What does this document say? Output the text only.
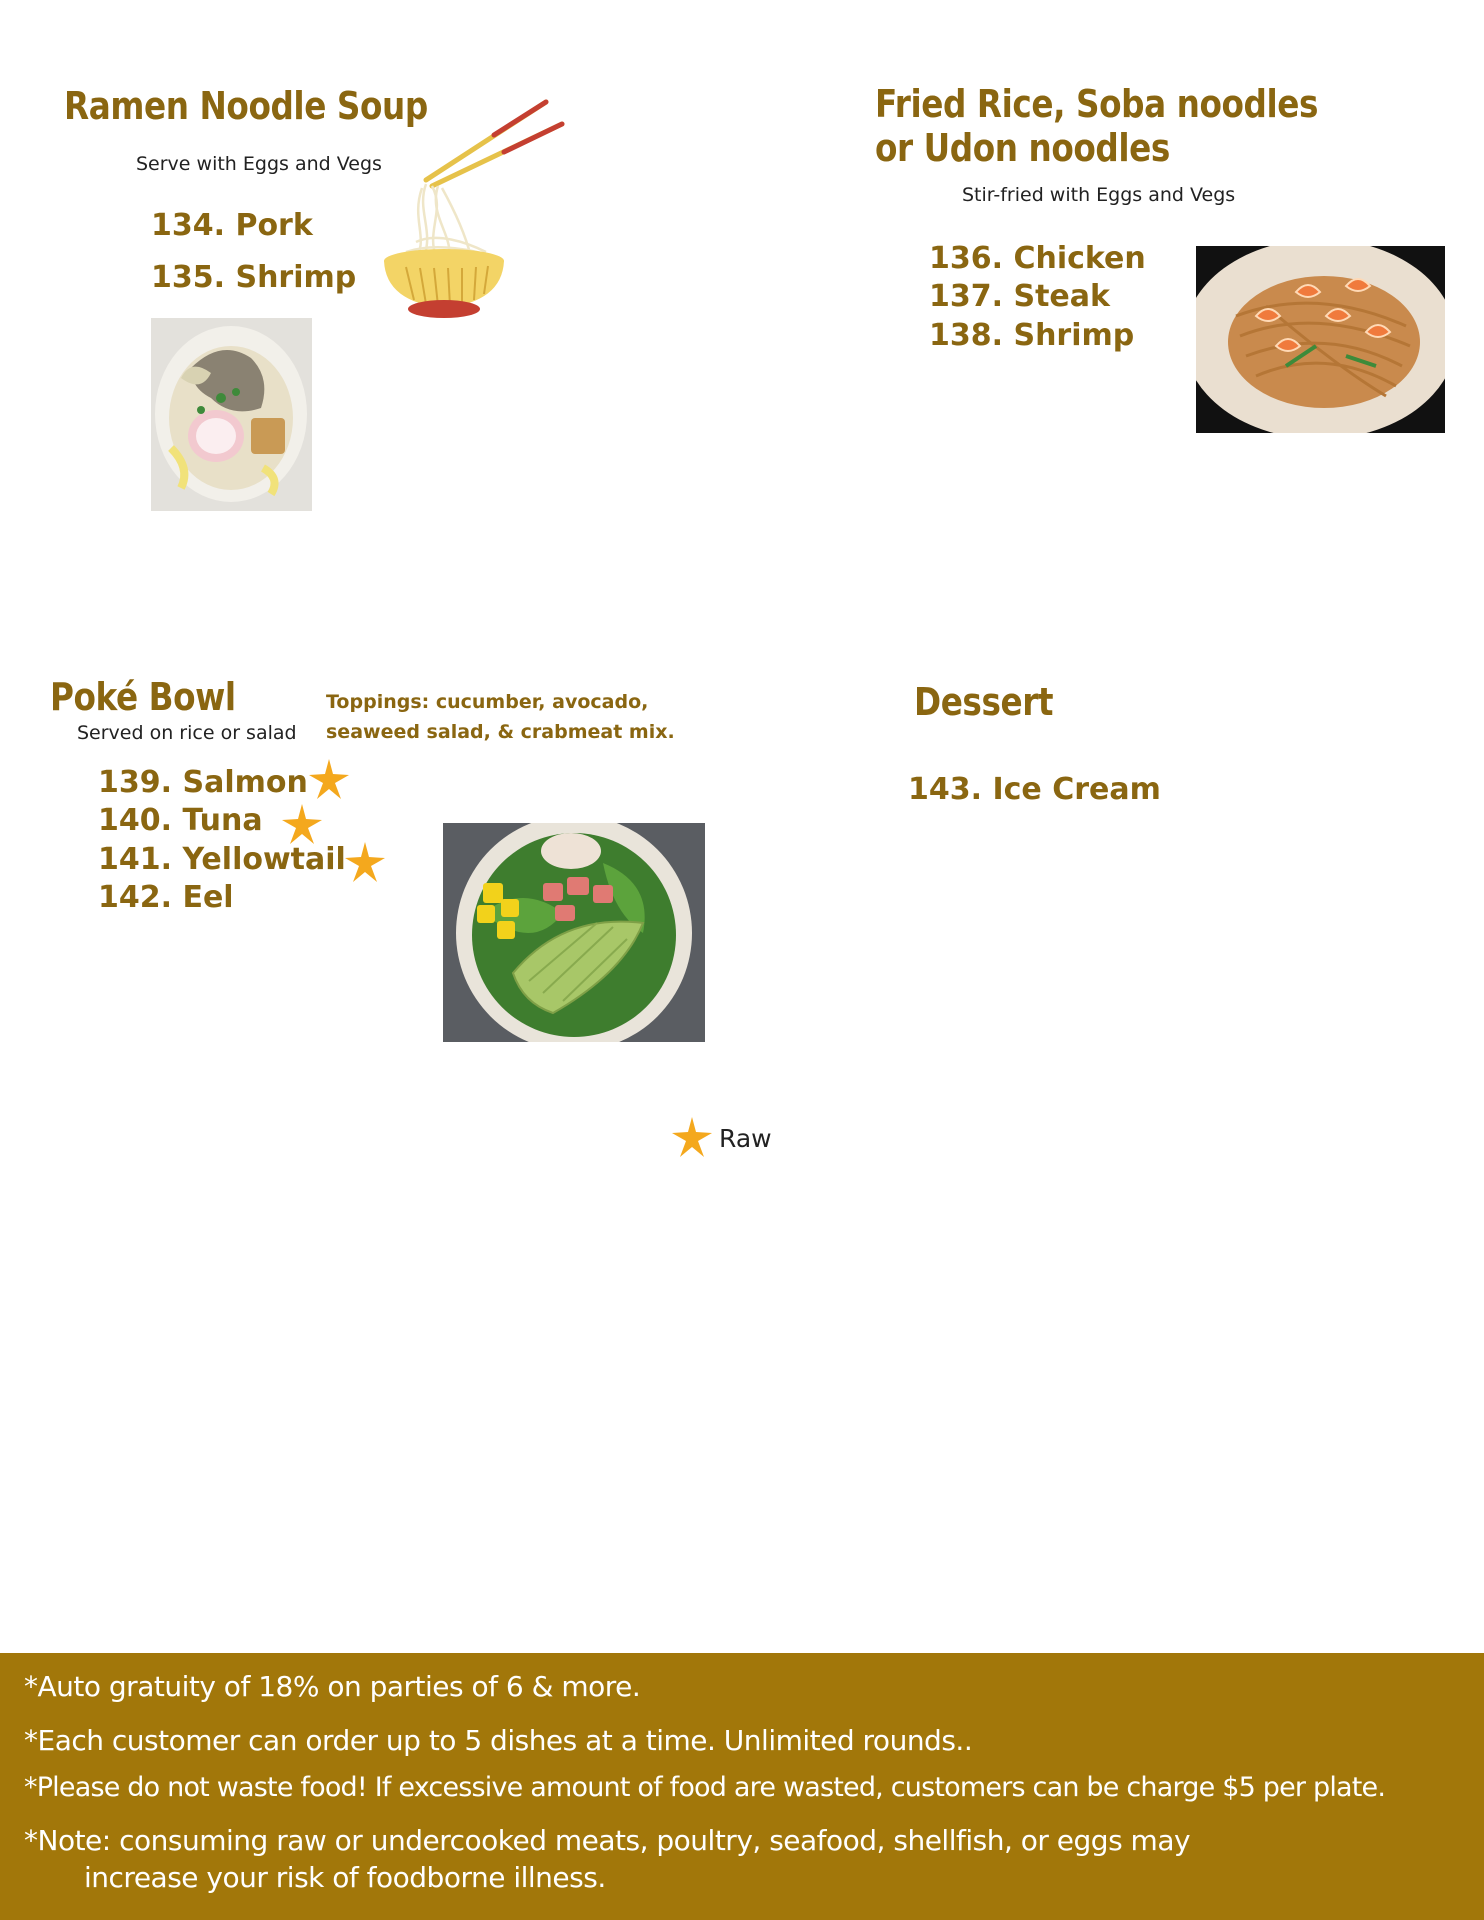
Ramen Noodle Soup
Serve with Eggs and Vegs
134. Pork
135. Shrimp
Fried Rice, Soba noodles
or Udon noodles
Stir-fried with Eggs and Vegs
136. Chicken
137. Steak
138. Shrimp
Poké Bowl
Served on rice or salad
Toppings: cucumber, avocado,
seaweed salad, & crabmeat mix.
139. Salmon
140. Tuna
141. Yellowtail
142. Eel
Dessert
143. Ice Cream
Raw
*Auto gratuity of 18% on parties of 6 & more.
*Each customer can order up to 5 dishes at a time. Unlimited rounds..
*Please do not waste food! If excessive amount of food are wasted, customers can be charge $5 per plate.
*Note: consuming raw or undercooked meats, poultry, seafood, shellfish, or eggs may
increase your risk of foodborne illness.
